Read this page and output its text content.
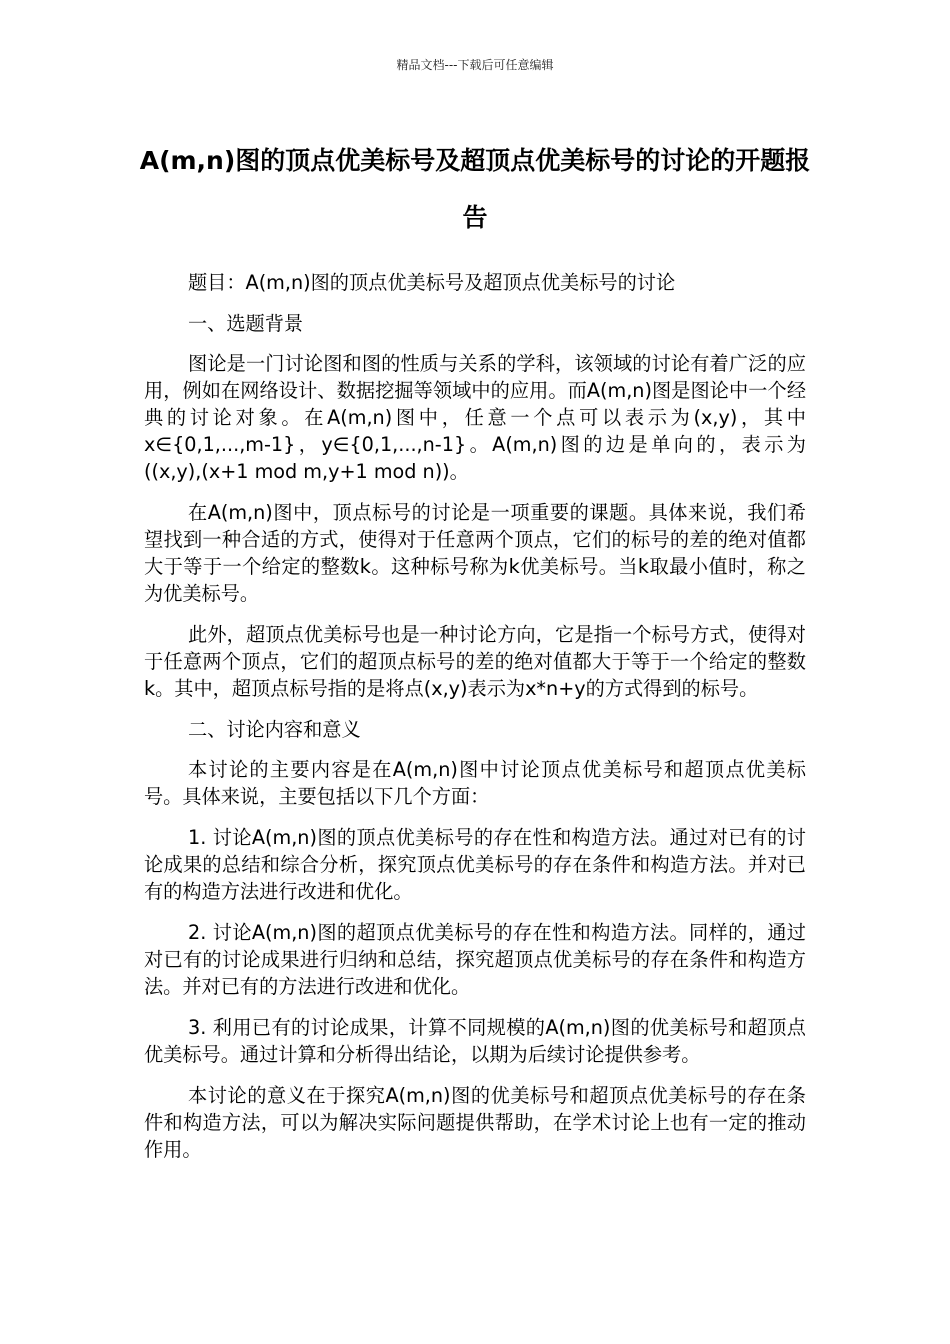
精品文档---下载后可任意编辑
A(m,n)图的顶点优美标号及超顶点优美标号的讨论的开题报告

题目：A(m,n)图的顶点优美标号及超顶点优美标号的讨论

一、选题背景

图论是一门讨论图和图的性质与关系的学科，该领域的讨论有着广泛的应用，例如在网络设计、数据挖掘等领域中的应用。而A(m,n)图是图论中一个经典的讨论对象。在A(m,n)图中，任意一个点可以表示为(x,y)，其中x∈{0,1,...,m-1}，y∈{0,1,...,n-1}。A(m,n)图的边是单向的，表示为((x,y),(x+1 mod m,y+1 mod n))。

在A(m,n)图中，顶点标号的讨论是一项重要的课题。具体来说，我们希望找到一种合适的方式，使得对于任意两个顶点，它们的标号的差的绝对值都大于等于一个给定的整数k。这种标号称为k优美标号。当k取最小值时，称之为优美标号。

此外，超顶点优美标号也是一种讨论方向，它是指一个标号方式，使得对于任意两个顶点，它们的超顶点标号的差的绝对值都大于等于一个给定的整数k。其中，超顶点标号指的是将点(x,y)表示为x*n+y的方式得到的标号。

二、讨论内容和意义

本讨论的主要内容是在A(m,n)图中讨论顶点优美标号和超顶点优美标号。具体来说，主要包括以下几个方面：

1. 讨论A(m,n)图的顶点优美标号的存在性和构造方法。通过对已有的讨论成果的总结和综合分析，探究顶点优美标号的存在条件和构造方法。并对已有的构造方法进行改进和优化。

2. 讨论A(m,n)图的超顶点优美标号的存在性和构造方法。同样的，通过对已有的讨论成果进行归纳和总结，探究超顶点优美标号的存在条件和构造方法。并对已有的方法进行改进和优化。

3. 利用已有的讨论成果，计算不同规模的A(m,n)图的优美标号和超顶点优美标号。通过计算和分析得出结论，以期为后续讨论提供参考。

本讨论的意义在于探究A(m,n)图的优美标号和超顶点优美标号的存在条件和构造方法，可以为解决实际问题提供帮助，在学术讨论上也有一定的推动作用。
